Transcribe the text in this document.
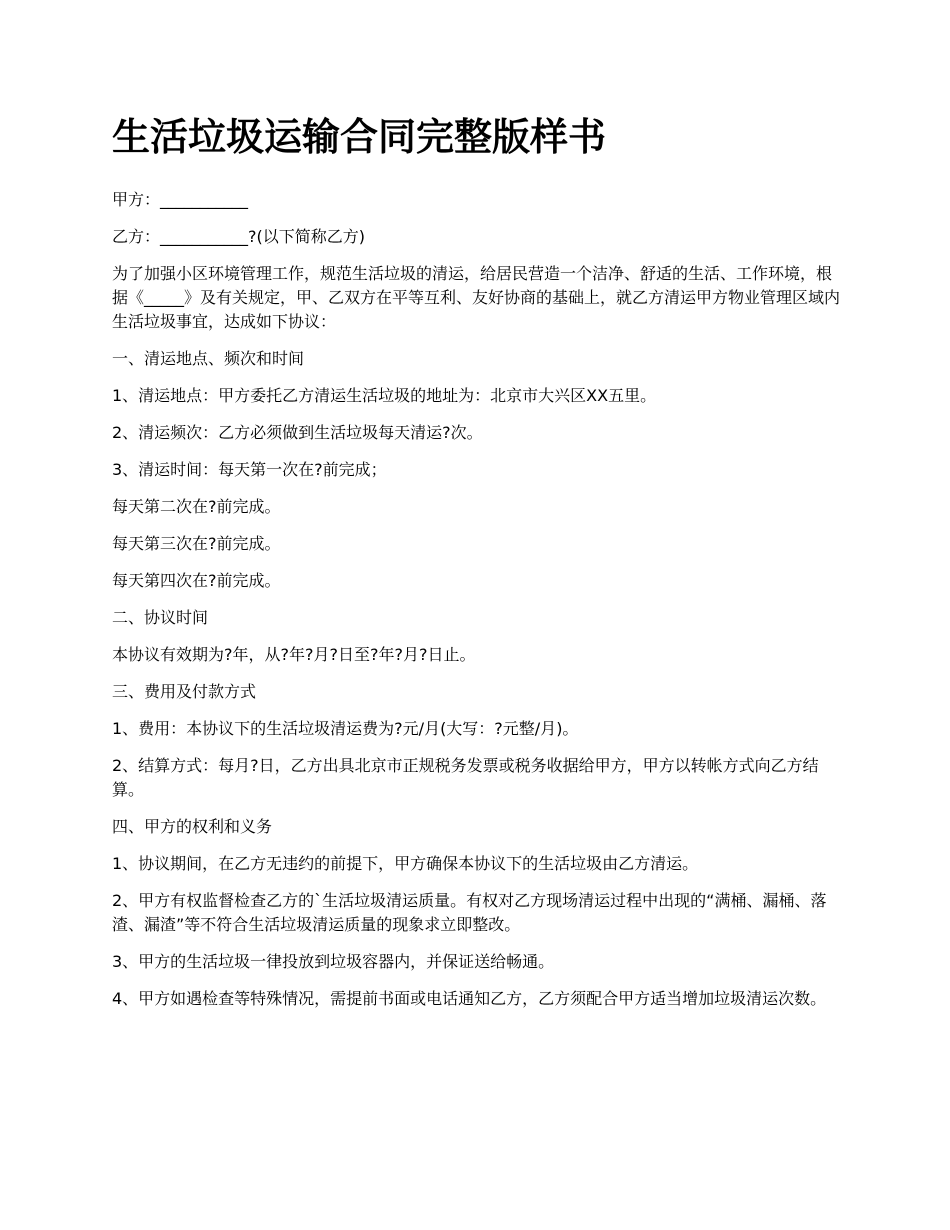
生活垃圾运输合同完整版样书

甲方：___________

乙方：___________?(以下简称乙方)

为了加强小区环境管理工作，规范生活垃圾的清运，给居民营造一个洁净、舒适的生活、工作环境，根据《_____》及有关规定，甲、乙双方在平等互利、友好协商的基础上，就乙方清运甲方物业管理区域内生活垃圾事宜，达成如下协议：

一、清运地点、频次和时间

1、清运地点：甲方委托乙方清运生活垃圾的地址为：北京市大兴区XX五里。

2、清运频次：乙方必须做到生活垃圾每天清运?次。

3、清运时间：每天第一次在?前完成；

每天第二次在?前完成。

每天第三次在?前完成。

每天第四次在?前完成。

二、协议时间

本协议有效期为?年，从?年?月?日至?年?月?日止。

三、费用及付款方式

1、费用：本协议下的生活垃圾清运费为?元/月(大写：?元整/月)。

2、结算方式：每月?日，乙方出具北京市正规税务发票或税务收据给甲方，甲方以转帐方式向乙方结算。

四、甲方的权利和义务

1、协议期间，在乙方无违约的前提下，甲方确保本协议下的生活垃圾由乙方清运。

2、甲方有权监督检查乙方的`生活垃圾清运质量。有权对乙方现场清运过程中出现的“满桶、漏桶、落渣、漏渣”等不符合生活垃圾清运质量的现象求立即整改。

3、甲方的生活垃圾一律投放到垃圾容器内，并保证送给畅通。

4、甲方如遇检查等特殊情况，需提前书面或电话通知乙方，乙方须配合甲方适当增加垃圾清运次数。
